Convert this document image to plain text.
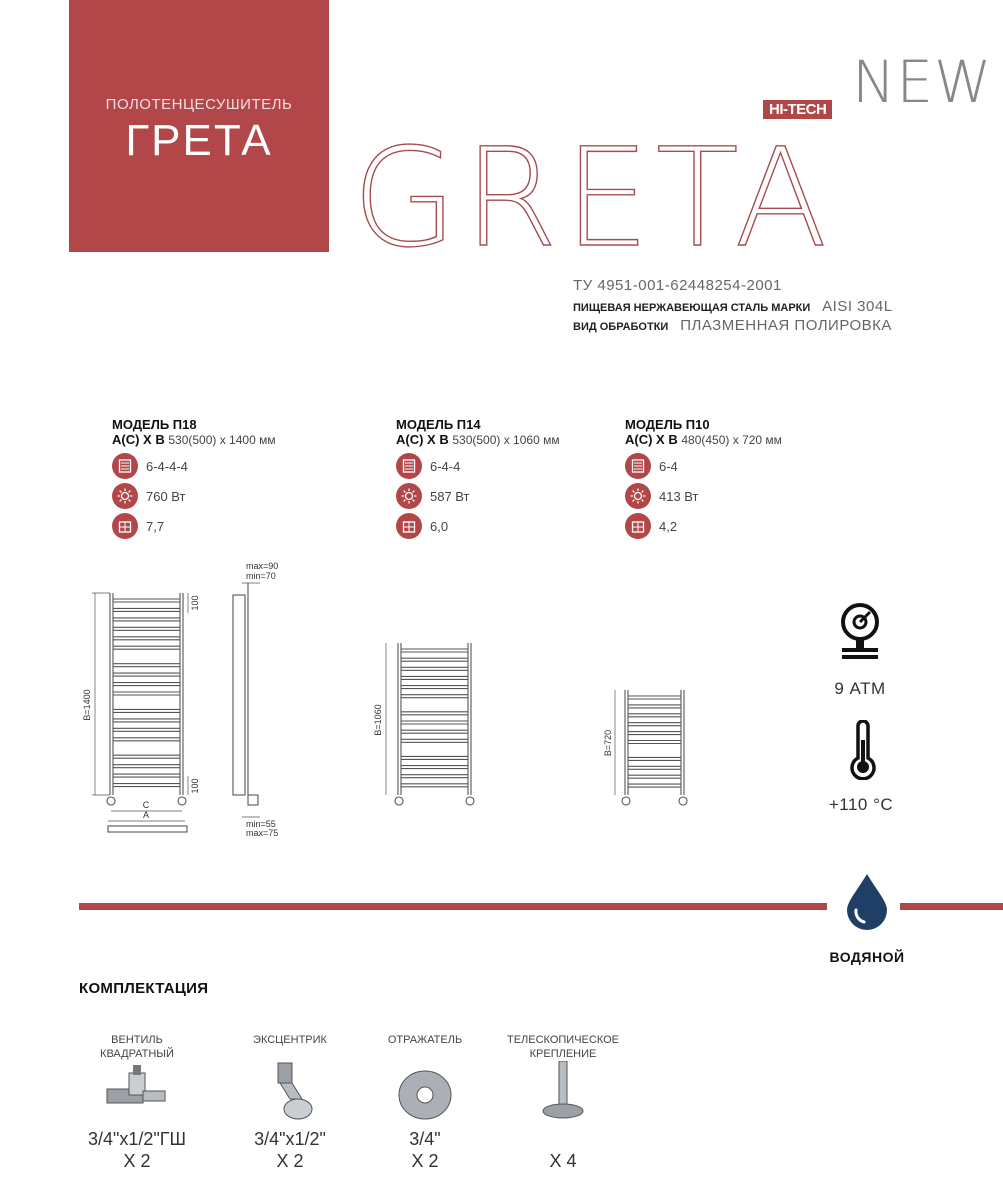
ПОЛОТЕНЦЕСУШИТЕЛЬ
ГРЕТА
NEW
HI-TECH
GRETA
ТУ 4951-001-62448254-2001
ПИЩЕВАЯ НЕРЖАВЕЮЩАЯ СТАЛЬ МАРКИ AISI 304L
ВИД ОБРАБОТКИ ПЛАЗМЕННАЯ ПОЛИРОВКА
МОДЕЛЬ П18
А(С) Х В 530(500) х 1400 мм
6-4-4-4
760 Вт
7,7
МОДЕЛЬ П14
А(С) Х В 530(500) х 1060 мм
6-4-4
587 Вт
6,0
МОДЕЛЬ П10
А(С) Х В 480(450) х 720 мм
6-4
413 Вт
4,2
B=1400	B=1060
B=720
100
100
C
A
max=90
min=70
min=55
max=75
9 АТМ
+110 °C
ВОДЯНОЙ
КОМПЛЕКТАЦИЯ
ВЕНТИЛЬ
КВАДРАТНЫЙ
3/4"х1/2"ГШ
Х 2
ЭКСЦЕНТРИК
3/4"х1/2"
Х 2
ОТРАЖАТЕЛЬ
3/4"
Х 2
ТЕЛЕСКОПИЧЕСКОЕ
КРЕПЛЕНИЕ
Х 4
